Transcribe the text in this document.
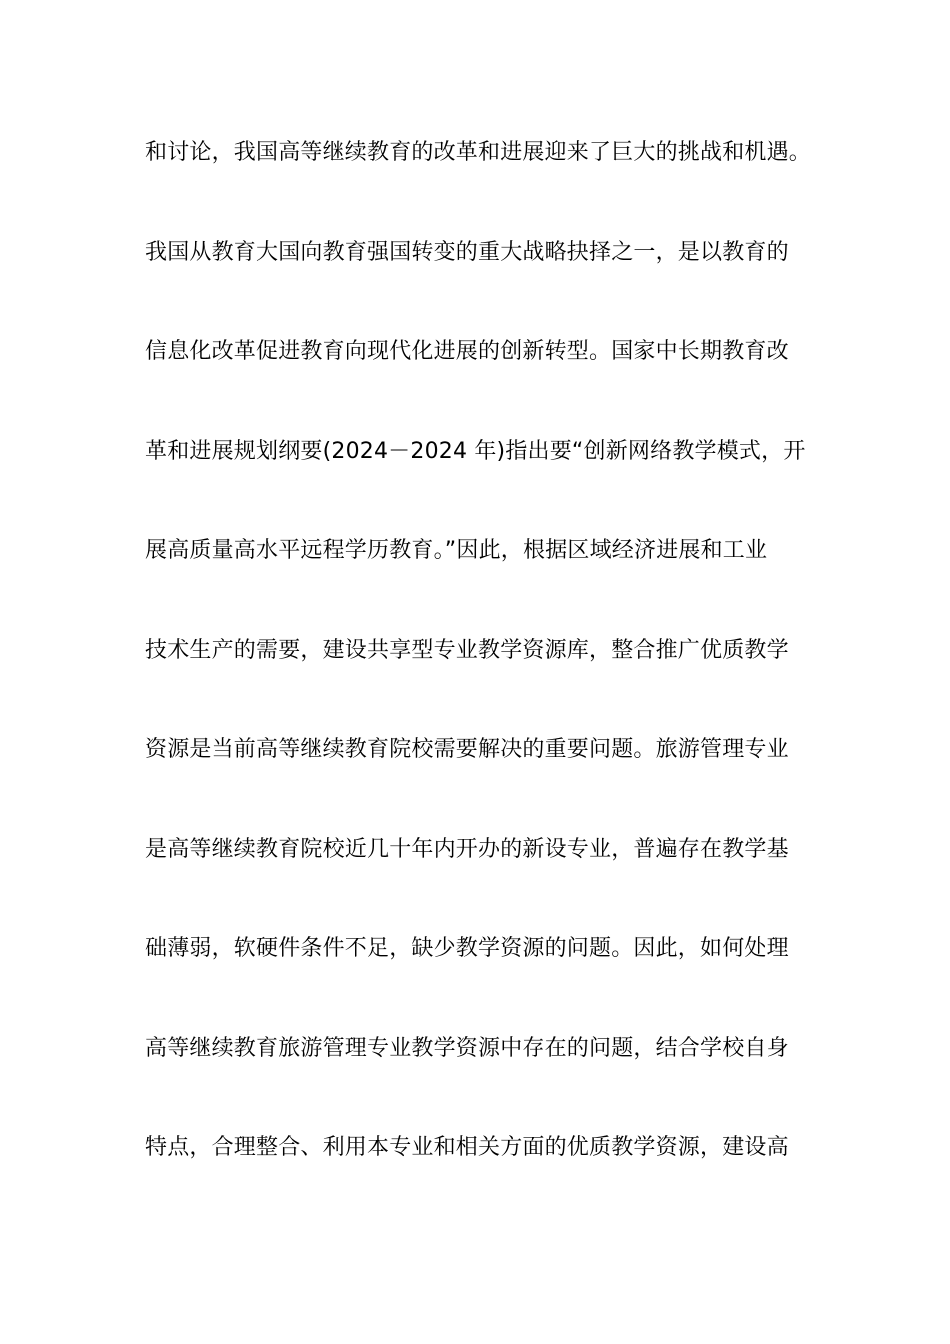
和讨论，我国高等继续教育的改革和进展迎来了巨大的挑战和机遇。
我国从教育大国向教育强国转变的重大战略抉择之一，是以教育的
信息化改革促进教育向现代化进展的创新转型。国家中长期教育改
革和进展规划纲要(2024－2024 年)指出要“创新网络教学模式，开
展高质量高水平远程学历教育。”因此，根据区域经济进展和工业
技术生产的需要，建设共享型专业教学资源库，整合推广优质教学
资源是当前高等继续教育院校需要解决的重要问题。旅游管理专业
是高等继续教育院校近几十年内开办的新设专业，普遍存在教学基
础薄弱，软硬件条件不足，缺少教学资源的问题。因此，如何处理
高等继续教育旅游管理专业教学资源中存在的问题，结合学校自身
特点，合理整合、利用本专业和相关方面的优质教学资源，建设高
